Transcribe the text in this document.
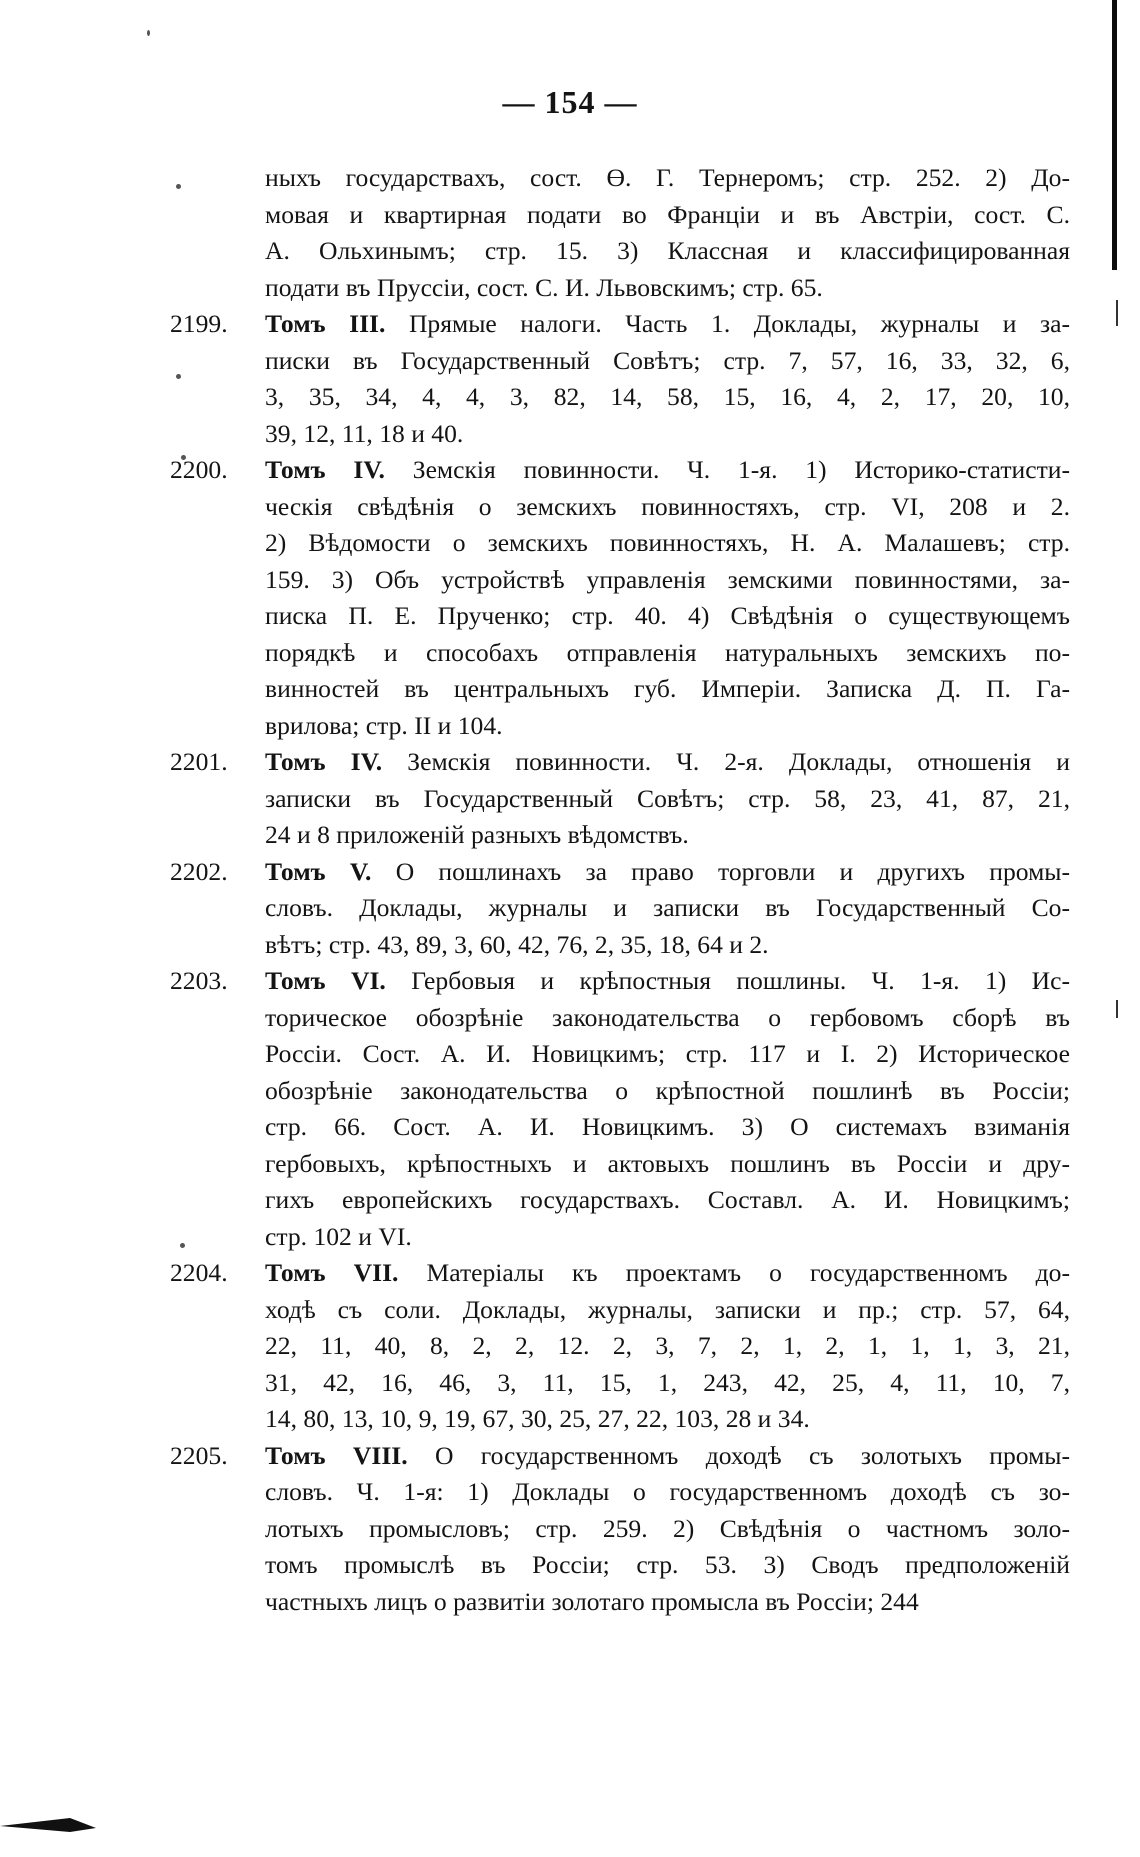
— 154 —
ныхъ государствахъ, сост. Ө. Г. Тернеромъ; стр. 252. 2) До-
мовая и квартирная подати во Франціи и въ Австріи, сост. С.
А. Ольхинымъ; стр. 15. 3) Классная и классифицированная
подати въ Пруссіи, сост. С. И. Львовскимъ; стр. 65.
2199.	Томъ III. Прямые налоги. Часть 1. Доклады, журналы и за-
писки въ Государственный Совѣтъ; стр. 7, 57, 16, 33, 32, 6,
3, 35, 34, 4, 4, 3, 82, 14, 58, 15, 16, 4, 2, 17, 20, 10,
39, 12, 11, 18 и 40.
2200.	Томъ IV. Земскія повинности. Ч. 1-я. 1) Историко-статисти-
ческія свѣдѣнія о земскихъ повинностяхъ, стр. VI, 208 и 2.
2) Вѣдомости о земскихъ повинностяхъ, Н. А. Малашевъ; стр.
159. 3) Объ устройствѣ управленія земскими повинностями, за-
писка П. Е. Прученко; стр. 40. 4) Свѣдѣнія о существующемъ
порядкѣ и способахъ отправленія натуральныхъ земскихъ по-
винностей въ центральныхъ губ. Имперіи. Записка Д. П. Га-
врилова; стр. II и 104.
2201.	Томъ IV. Земскія повинности. Ч. 2-я. Доклады, отношенія и
записки въ Государственный Совѣтъ; стр. 58, 23, 41, 87, 21,
24 и 8 приложеній разныхъ вѣдомствъ.
2202.	Томъ V. О пошлинахъ за право торговли и другихъ промы-
словъ. Доклады, журналы и записки въ Государственный Со-
вѣтъ; стр. 43, 89, 3, 60, 42, 76, 2, 35, 18, 64 и 2.
2203.	Томъ VI. Гербовыя и крѣпостныя пошлины. Ч. 1-я. 1) Ис-
торическое обозрѣніе законодательства о гербовомъ сборѣ въ
Россіи. Сост. А. И. Новицкимъ; стр. 117 и I. 2) Историческое
обозрѣніе законодательства о крѣпостной пошлинѣ въ Россіи;
стр. 66. Сост. А. И. Новицкимъ. 3) О системахъ взиманія
гербовыхъ, крѣпостныхъ и актовыхъ пошлинъ въ Россіи и дру-
гихъ европейскихъ государствахъ. Составл. А. И. Новицкимъ;
стр. 102 и VI.
2204.	Томъ VII. Матеріалы къ проектамъ о государственномъ до-
ходѣ съ соли. Доклады, журналы, записки и пр.; стр. 57, 64,
22, 11, 40, 8, 2, 2, 12. 2, 3, 7, 2, 1, 2, 1, 1, 1, 3, 21,
31, 42, 16, 46, 3, 11, 15, 1, 243, 42, 25, 4, 11, 10, 7,
14, 80, 13, 10, 9, 19, 67, 30, 25, 27, 22, 103, 28 и 34.
2205.	Томъ VIII. О государственномъ доходѣ съ золотыхъ промы-
словъ. Ч. 1-я: 1) Доклады о государственномъ доходѣ съ зо-
лотыхъ промысловъ; стр. 259. 2) Свѣдѣнія о частномъ золо-
томъ промыслѣ въ Россіи; стр. 53. 3) Сводъ предположеній
частныхъ лицъ о развитіи золотаго промысла въ Россіи; 244
